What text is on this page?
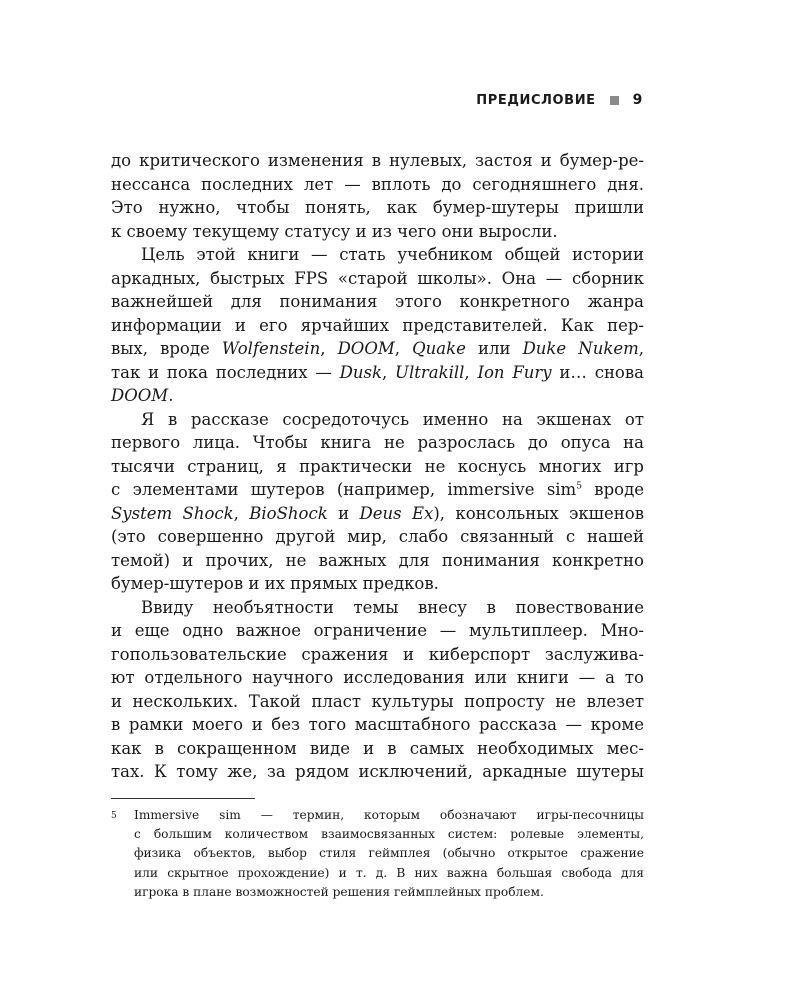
ПРЕДИСЛОВИЕ	9

до критического изменения в нулевых, застоя и бумер-ре-
нессанса последних лет — вплоть до сегодняшнего дня.
Это нужно, чтобы понять, как бумер-шутеры пришли
к своему текущему статусу и из чего они выросли.

Цель этой книги — стать учебником общей истории
аркадных, быстрых FPS «старой школы». Она — сборник
важнейшей для понимания этого конкретного жанра
информации и его ярчайших представителей. Как пер-
вых, вроде Wolfenstein, DOOM, Quake или Duke Nukem,
так и пока последних — Dusk, Ultrakill, Ion Fury и… снова
DOOM.

Я в рассказе сосредоточусь именно на экшенах от
первого лица. Чтобы книга не разрослась до опуса на
тысячи страниц, я практически не коснусь многих игр
с элементами шутеров (например, immersive sim$^5$ вроде
System Shock, BioShock и Deus Ex), консольных экшенов
(это совершенно другой мир, слабо связанный с нашей
темой) и прочих, не важных для понимания конкретно
бумер-шутеров и их прямых предков.

Ввиду необъятности темы внесу в повествование
и еще одно важное ограничение — мультиплеер. Мно-
гопользовательские сражения и киберспорт заслужива-
ют отдельного научного исследования или книги — а то
и нескольких. Такой пласт культуры попросту не влезет
в рамки моего и без того масштабного рассказа — кроме
как в сокращенном виде и в самых необходимых мес-
тах. К тому же, за рядом исключений, аркадные шутеры

5 Immersive sim — термин, которым обозначают игры-песочницы
с большим количеством взаимосвязанных систем: ролевые элементы,
физика объектов, выбор стиля геймплея (обычно открытое сражение
или скрытное прохождение) и т. д. В них важна большая свобода для
игрока в плане возможностей решения геймплейных проблем.
